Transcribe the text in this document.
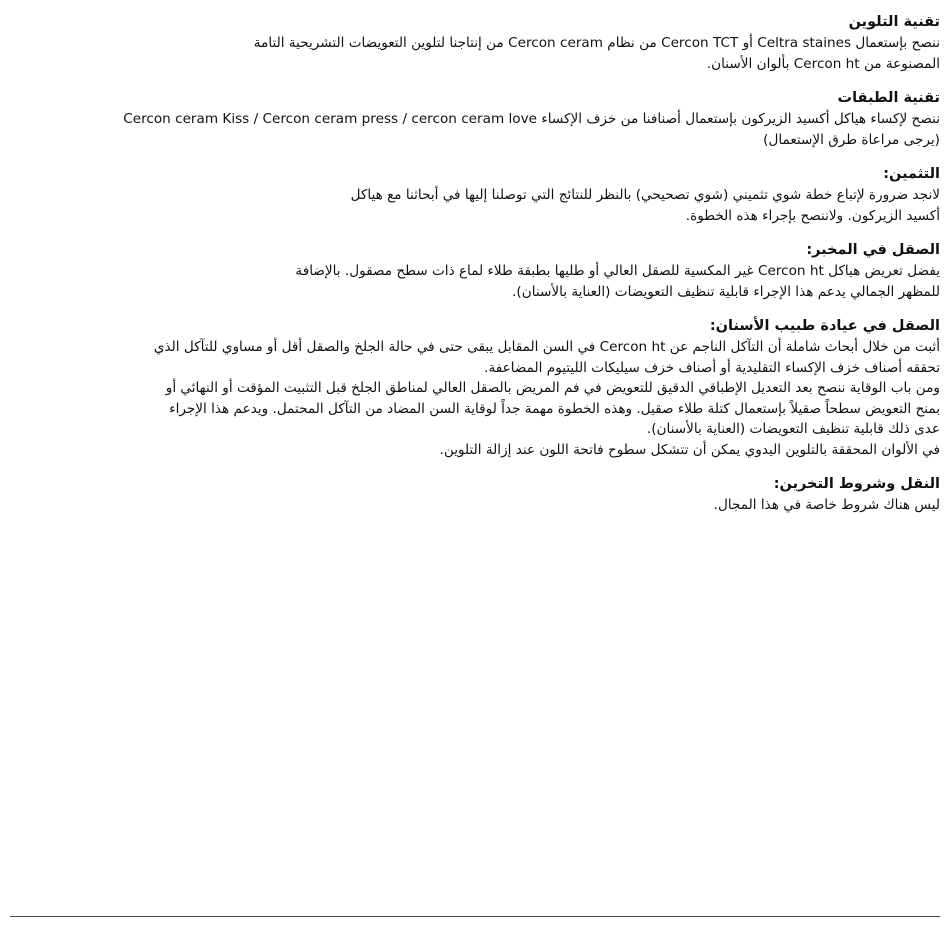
تقنية التلوين

ننصح بإستعمال Celtra staines أو Cercon TCT من نظام Cercon ceram من إنتاجنا لتلوين التعويضات التشريحية التامة
المصنوعة من Cercon ht بألوان الأسنان.

تقنية الطبقات

ننصح لإكساء هياكل أكسيد الزيركون بإستعمال أصنافنا من خزف الإكساء Cercon ceram Kiss / Cercon ceram press / cercon ceram love
(يرجى مراعاة طرق الإستعمال)

التثمين:

لانجد ضرورة لإتباع خطة شوي تثميني (شوي تصحيحي) بالنظر للنتائج التي توصلنا إليها في أبحاثنا مع هياكل
أكسيد الزيركون. ولاننصح بإجراء هذه الخطوة.

الصقل في المخبر:

يفضل تعريض هياكل Cercon ht غير المكسية للصقل العالي أو طليها بطبقة طلاء لماع ذات سطح مصقول. بالإضافة
للمظهر الجمالي يدعم هذا الإجراء قابلية تنظيف التعويضات (العناية بالأسنان).

الصقل في عيادة طبيب الأسنان:

أثبت من خلال أبحاث شاملة أن التآكل الناجم عن Cercon ht في السن المقابل يبقى حتى في حالة الجلخ والصقل أقل أو مساوي للتآكل الذي
تحققه أصناف خزف الإكساء التقليدية أو أصناف خزف سيليكات الليتيوم المضاعفة.
ومن باب الوقاية ننصح بعد التعديل الإطباقي الدقيق للتعويض في فم المريض بالصقل العالي لمناطق الجلخ قبل التثبيت المؤقت أو النهائي أو
بمنح التعويض سطحاً صقيلاً بإستعمال كتلة طلاء صقيل. وهذه الخطوة مهمة جداً لوقاية السن المضاد من التآكل المحتمل. ويدعم هذا الإجراء
عدى ذلك قابلية تنظيف التعويضات (العناية بالأسنان).
في الألوان المحققة بالتلوين اليدوي يمكن أن تتشكل سطوح فاتحة اللون عند إزالة التلوين.

النقل وشروط التخرين:

ليس هناك شروط خاصة في هذا المجال.
